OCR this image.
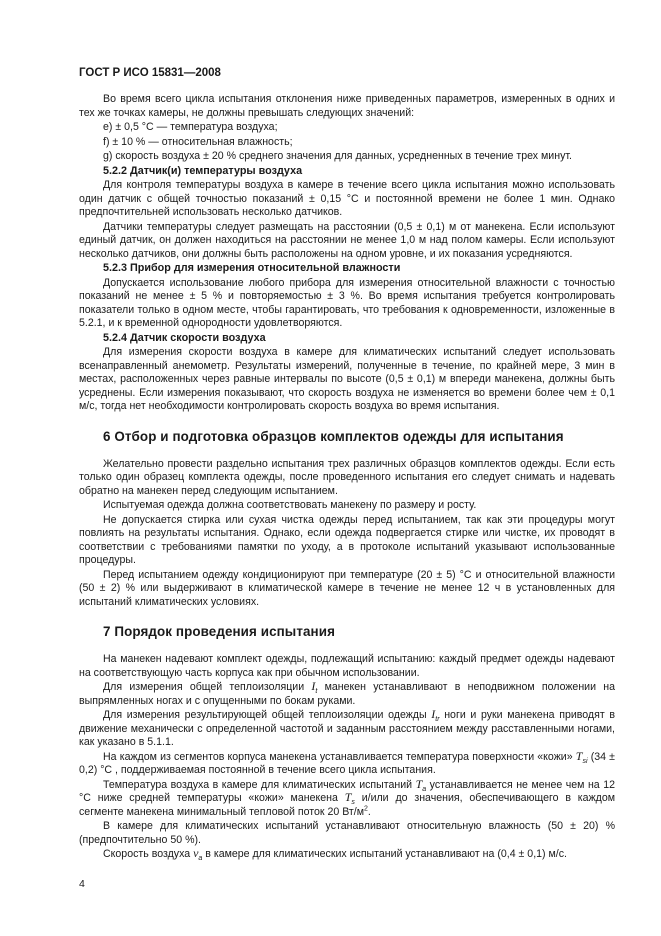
ГОСТ Р ИСО 15831—2008

Во время всего цикла испытания отклонения ниже приведенных параметров, измеренных в одних и тех же точках камеры, не должны превышать следующих значений:

e) ± 0,5 °C — температура воздуха;

f) ± 10 % — относительная влажность;

g) скорость воздуха ± 20 % среднего значения для данных, усредненных в течение трех минут.

5.2.2 Датчик(и) температуры воздуха

Для контроля температуры воздуха в камере в течение всего цикла испытания можно использовать один датчик с общей точностью показаний ± 0,15 °C и постоянной времени не более 1 мин. Однако предпочтительней использовать несколько датчиков.

Датчики температуры следует размещать на расстоянии (0,5 ± 0,1) м от манекена. Если используют единый датчик, он должен находиться на расстоянии не менее 1,0 м над полом камеры. Если используют несколько датчиков, они должны быть расположены на одном уровне, и их показания усредняются.

5.2.3 Прибор для измерения относительной влажности

Допускается использование любого прибора для измерения относительной влажности с точностью показаний не менее ± 5 % и повторяемостью ± 3 %. Во время испытания требуется контролировать показатели только в одном месте, чтобы гарантировать, что требования к одновременности, изложенные в 5.2.1, и к временной однородности удовлетворяются.

5.2.4 Датчик скорости воздуха

Для измерения скорости воздуха в камере для климатических испытаний следует использовать всенаправленный анемометр. Результаты измерений, полученные в течение, по крайней мере, 3 мин в местах, расположенных через равные интервалы по высоте (0,5 ± 0,1) м впереди манекена, должны быть усреднены. Если измерения показывают, что скорость воздуха не изменяется во времени более чем ± 0,1 м/с, тогда нет необходимости контролировать скорость воздуха во время испытания.

6 Отбор и подготовка образцов комплектов одежды для испытания

Желательно провести раздельно испытания трех различных образцов комплектов одежды. Если есть только один образец комплекта одежды, после проведенного испытания его следует снимать и надевать обратно на манекен перед следующим испытанием.

Испытуемая одежда должна соответствовать манекену по размеру и росту.

Не допускается стирка или сухая чистка одежды перед испытанием, так как эти процедуры могут повлиять на результаты испытания. Однако, если одежда подвергается стирке или чистке, их проводят в соответствии с требованиями памятки по уходу, а в протоколе испытаний указывают использованные процедуры.

Перед испытанием одежду кондиционируют при температуре (20 ± 5) °C и относительной влажности (50 ± 2) % или выдерживают в климатической камере в течение не менее 12 ч в установленных для испытаний климатических условиях.

7 Порядок проведения испытания

На манекен надевают комплект одежды, подлежащий испытанию: каждый предмет одежды надевают на соответствующую часть корпуса как при обычном использовании.

Для измерения общей теплоизоляции $I_t$ манекен устанавливают в неподвижном положении на выпрямленных ногах и с опущенными по бокам руками.

Для измерения результирующей общей теплоизоляции одежды $I_{tr}$ ноги и руки манекена приводят в движение механически с определенной частотой и заданным расстоянием между расставленными ногами, как указано в 5.1.1.

На каждом из сегментов корпуса манекена устанавливается температура поверхности «кожи» $T_{si}$ (34 ± 0,2) °C , поддерживаемая постоянной в течение всего цикла испытания.

Температура воздуха в камере для климатических испытаний $T_a$ устанавливается не менее чем на 12 °C ниже средней температуры «кожи» манекена $T_s$ и/или до значения, обеспечивающего в каждом сегменте манекена минимальный тепловой поток 20 $Вт/м^2$.

В камере для климатических испытаний устанавливают относительную влажность (50 ± 20) % (предпочтительно 50 %).

Скорость воздуха $v_a$ в камере для климатических испытаний устанавливают на (0,4 ± 0,1) м/с.

4
